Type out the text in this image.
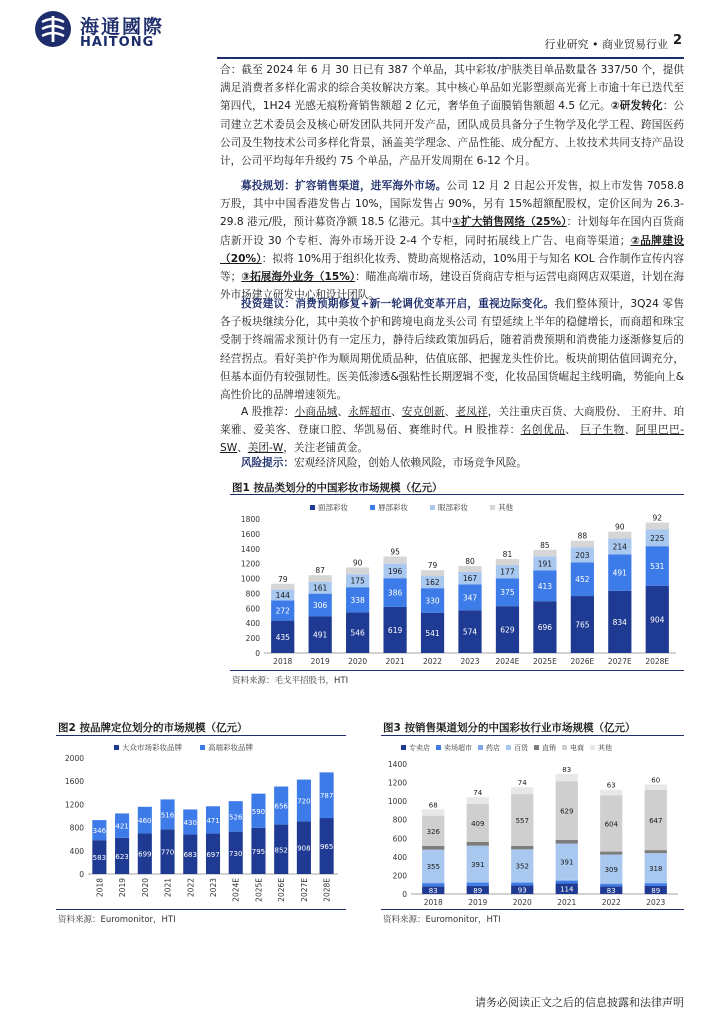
海通國際
HAITONG	行业研究 • 商业贸易行业 2
合：截至 2024 年 6 月 30 日已有 387 个单品，其中彩妆/护肤类目单品数量各 337/50 个，提供满足消费者多样化需求的综合美妆解决方案。其中核心单品如光影塑颜高光膏上市逾十年已迭代至第四代，1H24 光感无痕粉膏销售额超 2 亿元，奢华鱼子面膜销售额超 4.5 亿元。②研发转化：公司建立艺术委员会及核心研发团队共同开发产品，团队成员具备分子生物学及化学工程、跨国医药公司及生物技术公司多样化背景，涵盖美学理念、产品性能、成分配方、上妆技术共同支持产品设计，公司平均每年升级约 75 个单品，产品开发周期在 6-12 个月。
募投规划：扩容销售渠道，进军海外市场。公司 12 月 2 日起公开发售，拟上市发售 7058.8 万股，其中中国香港发售占 10%，国际发售占 90%，另有 15%超额配股权，定价区间为 26.3-29.8 港元/股，预计募资净额 18.5 亿港元。其中①扩大销售网络（25%）：计划每年在国内百货商店新开设 30 个专柜、海外市场开设 2-4 个专柜，同时拓展线上广告、电商等渠道；②品牌建设（20%）：拟将 10%用于组织化妆秀、赞助高规格活动，10%用于与知名 KOL 合作制作宣传内容等；③拓展海外业务（15%）：瞄准高端市场，建设百货商店专柜与运营电商网店双渠道，计划在海外市场建立研发中心和设计团队。
投资建议：消费预期修复+新一轮调优变革开启，重视边际变化。我们整体预计，3Q24 零售各子板块继续分化，其中美妆个护和跨境电商龙头公司 有望延续上半年的稳健增长，而商超和珠宝受制于终端需求预计仍有一定压力，静待后续政策加码后，随着消费预期和消费能力逐渐修复后的经营拐点。看好美护作为顺周期优质品种，估值底部、把握龙头性价比。板块前期估值回调充分，但基本面仍有较强韧性。医美低渗透&强粘性长期逻辑不变，化妆品国货崛起主线明确，势能向上&高性价比的品牌增速领先。
A 股推荐：小商品城、永辉超市、安克创新、老凤祥，关注重庆百货、大商股份、 王府井、珀莱雅、爱美客、登康口腔、华凯易佰、赛维时代。H 股推荐：名创优品、 巨子生物、阿里巴巴-SW、美团-W，关注老铺黄金。
风险提示：宏观经济风险，创始人依赖风险，市场竞争风险。
图1 按品类划分的中国彩妆市场规模（亿元）
面部彩妆	唇部彩妆	眼部彩妆	其他
0
200
400
600
800
1000
1200
1400
1600
1800
435
272
144
79
2018
491
306
161
87
2019
546
338
175
90
2020
619
386
196
95
2021
541
330
162
79
2022
574
347
167
80
2023
629
375
177
81
2024E
696
413
191
85
2025E
765
452
203
88
2026E
834
491
214
90
2027E
904
531
225
92
2028E
资料来源：毛戈平招股书，HTI
图2 按品牌定位划分的市场规模（亿元）
大众市场彩妆品牌	高端彩妆品牌
0
400
800
1200
1600
2000
583
346
2018
623
421
2019
699
460
2020
770
516
2021
683
430
2022
697
471
2023
730
526
2024E
795
590
2025E
852
656
2026E
908
720
2027E
965
787
2028E
资料来源：Euromonitor，HTI
图3 按销售渠道划分的中国彩妆行业市场规模（亿元）
专卖店 卖场超市 药店 百货 直销 电商 其他
0
200
400
600
800
1000
1200
1400
83
355
326
68
2018
89
391
409
74
2019
93
352
557
74
2020
114
391
629
83
2021
83
309
604
63
2022
89
318
647
60
2023
资料来源：Euromonitor，HTI
请务必阅读正文之后的信息披露和法律声明
